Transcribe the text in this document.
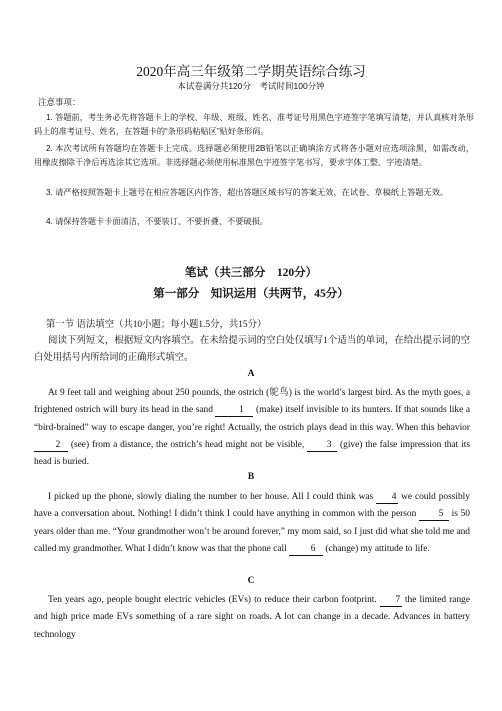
2020年高三年级第二学期英语综合练习
本试卷满分共120分　考试时间100分钟
注意事项：

1. 答题前，考生务必先将答题卡上的学校、年级、班级、姓名、准考证号用黑色字迹签字笔填写清楚，并认真核对条形码上的准考证号、姓名，在答题卡的“条形码粘贴区”贴好条形码。

2. 本次考试所有答题均在答题卡上完成。选择题必须使用2B铅笔以正确填涂方式将各小题对应选项涂黑，如需改动，用橡皮擦除干净后再选涂其它选项。非选择题必须使用标准黑色字迹签字笔书写，要求字体工整、字迹清楚。

3. 请严格按照答题卡上题号在相应答题区内作答，超出答题区域书写的答案无效，在试卷、草稿纸上答题无效。

4. 请保持答题卡卡面清洁，不要装订、不要折叠、不要破损。

笔试（共三部分　120分）
第一部分　知识运用（共两节，45分）
第一节 语法填空（共10小题；每小题1.5分，共15分）

阅读下列短文，根据短文内容填空。在未给提示词的空白处仅填写1个适当的单词，在给出提示词的空白处用括号内所给词的正确形式填空。

A

At 9 feet tall and weighing about 250 pounds, the ostrich (鸵鸟) is the world’s largest bird. As the myth goes, a frightened ostrich will bury its head in the sand	1 (make) itself invisible to its hunters. If that sounds like a “bird-brained” way to escape danger, you’re right! Actually, the ostrich plays dead in this way. When this behavior 2 (see) from a distance, the ostrich’s head might not be visible, 3 (give) the false impression that its head is buried.

B

I picked up the phone, slowly dialing the number to her house. All I could think was 4 we could possibly have a conversation about. Nothing! I didn’t think I could have anything in common with the person 5 is 50 years older than me. “Your grandmother won’t be around forever,” my mom said, so I just did what she told me and called my grandmother. What I didn’t know was that the phone call 6 (change) my attitude to life.

C

Ten years ago, people bought electric vehicles (EVs) to reduce their carbon footprint. 7 the limited range and high price made EVs something of a rare sight on roads. A lot can change in a decade. Advances in battery technology
